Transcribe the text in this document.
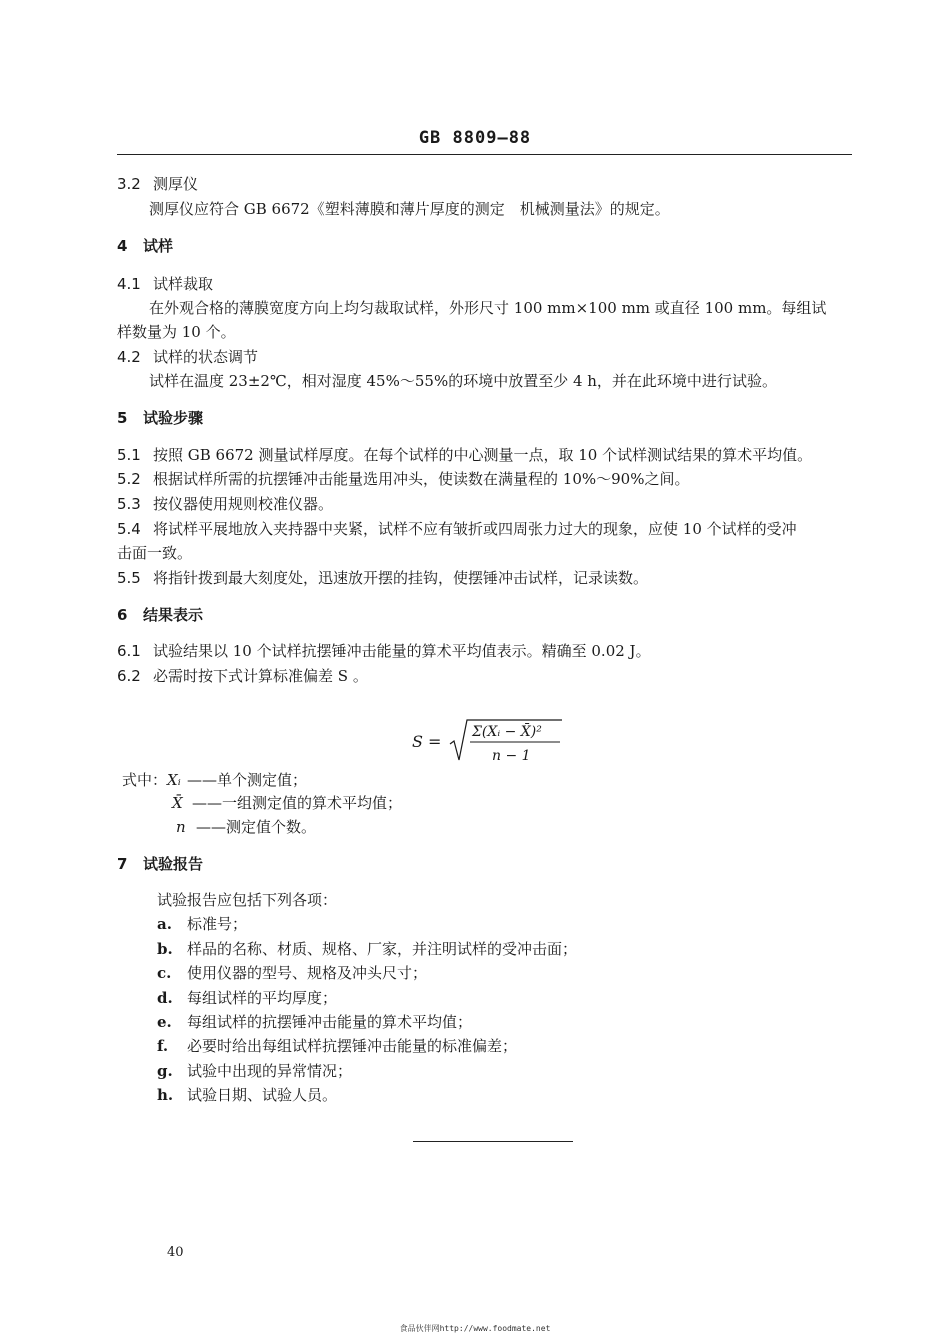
GB 8809—88
3.2 测厚仪
测厚仪应符合 GB 6672《塑料薄膜和薄片厚度的测定　机械测量法》的规定。
4 试样
4.1 试样裁取
在外观合格的薄膜宽度方向上均匀裁取试样，外形尺寸 100 mm×100 mm 或直径 100 mm。每组试
样数量为 10 个。
4.2 试样的状态调节
试样在温度 23±2℃，相对湿度 45%～55%的环境中放置至少 4 h，并在此环境中进行试验。
5 试验步骤
5.1 按照 GB 6672 测量试样厚度。在每个试样的中心测量一点，取 10 个试样测试结果的算术平均值。
5.2 根据试样所需的抗摆锤冲击能量选用冲头，使读数在满量程的 10%～90%之间。
5.3 按仪器使用规则校准仪器。
5.4 将试样平展地放入夹持器中夹紧，试样不应有皱折或四周张力过大的现象，应使 10 个试样的受冲
击面一致。
5.5 将指针拨到最大刻度处，迅速放开摆的挂钩，使摆锤冲击试样，记录读数。
6 结果表示
6.1 试验结果以 10 个试样抗摆锤冲击能量的算术平均值表示。精确至 0.02 J。
6.2 必需时按下式计算标准偏差 S 。
S = Σ(Xᵢ − X̄)²
n − 1
式中：Xᵢ ——单个测定值；
X̄ ——一组测定值的算术平均值；
n ——测定值个数。
7 试验报告
试验报告应包括下列各项：
a. 标准号；
b. 样品的名称、材质、规格、厂家，并注明试样的受冲击面；
c. 使用仪器的型号、规格及冲头尺寸；
d. 每组试样的平均厚度；
e. 每组试样的抗摆锤冲击能量的算术平均值；
f. 必要时给出每组试样抗摆锤冲击能量的标准偏差；
g. 试验中出现的异常情况；
h. 试验日期、试验人员。
40
食品伙伴网http://www.foodmate.net
